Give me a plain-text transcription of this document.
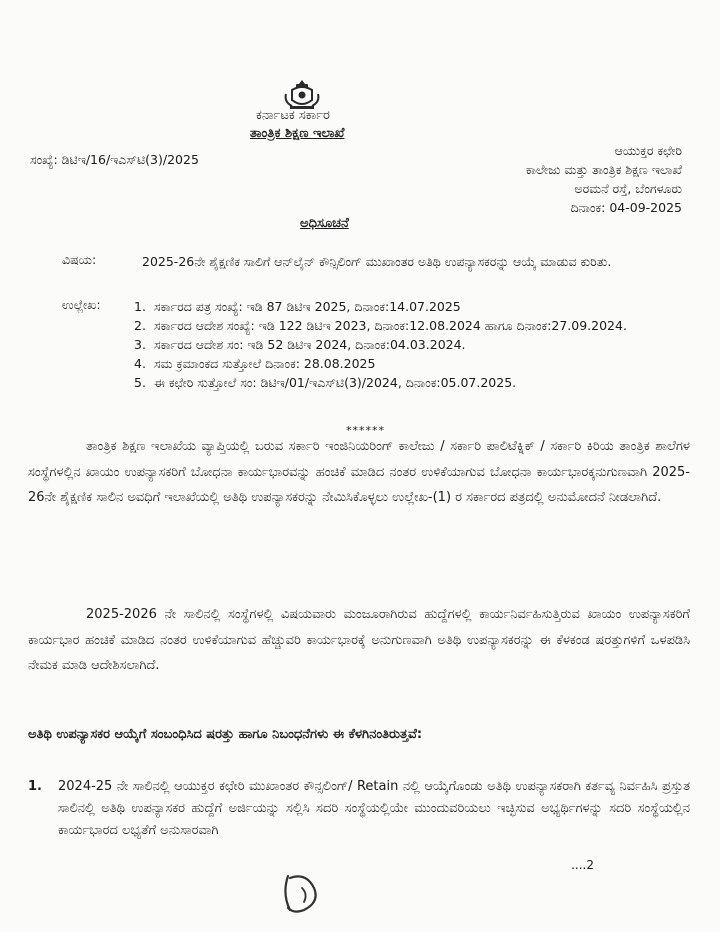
ಕರ್ನಾಟಕ ಸರ್ಕಾರ
ತಾಂತ್ರಿಕ ಶಿಕ್ಷಣ ಇಲಾಖೆ
ಸಂಖ್ಯೆ: ಡಿಟಿಇ/16/ಇಎಸ್‌ಟಿ(3)/2025
ಆಯುಕ್ತರ ಕಛೇರಿ
ಕಾಲೇಜು ಮತ್ತು ತಾಂತ್ರಿಕ ಶಿಕ್ಷಣ ಇಲಾಖೆ
ಅರಮನೆ ರಸ್ತೆ, ಬೆಂಗಳೂರು
ದಿನಾಂಕ: 04-09-2025
ಅಧಿಸೂಚನೆ
ವಿಷಯ:	2025-26ನೇ ಶೈಕ್ಷಣಿಕ ಸಾಲಿಗೆ ಆನ್‌ಲೈನ್ ಕೌನ್ಸಿಲಿಂಗ್ ಮುಖಾಂತರ ಅತಿಥಿ ಉಪನ್ಯಾಸಕರನ್ನು ಆಯ್ಕೆ ಮಾಡುವ ಕುರಿತು.
ಉಲ್ಲೇಖ:	1. ಸರ್ಕಾರದ ಪತ್ರ ಸಂಖ್ಯೆ: ಇಡಿ 87 ಡಿಟಿಇ 2025, ದಿನಾಂಕ:14.07.2025
2. ಸರ್ಕಾರದ ಆದೇಶ ಸಂಖ್ಯೆ: ಇಡಿ 122 ಡಿಟಿಇ 2023, ದಿನಾಂಕ:12.08.2024 ಹಾಗೂ ದಿನಾಂಕ:27.09.2024.
3. ಸರ್ಕಾರದ ಆದೇಶ ಸಂ: ಇಡಿ 52 ಡಿಟಿಇ 2024, ದಿನಾಂಕ:04.03.2024.
4. ಸಮ ಕ್ರಮಾಂಕದ ಸುತ್ತೋಲೆ ದಿನಾಂಕ: 28.08.2025
5. ಈ ಕಛೇರಿ ಸುತ್ತೋಲೆ ಸಂ: ಡಿಟಿಇ/01/ಇಎಸ್‌ಟಿ(3)/2024, ದಿನಾಂಕ:05.07.2025.
******

ತಾಂತ್ರಿಕ ಶಿಕ್ಷಣ ಇಲಾಖೆಯ ವ್ಯಾಪ್ತಿಯಲ್ಲಿ ಬರುವ ಸರ್ಕಾರಿ ಇಂಜಿನಿಯರಿಂಗ್ ಕಾಲೇಜು / ಸರ್ಕಾರಿ ಪಾಲಿಟೆಕ್ನಿಕ್ / ಸರ್ಕಾರಿ ಕಿರಿಯ ತಾಂತ್ರಿಕ ಶಾಲೆಗಳ ಸಂಸ್ಥೆಗಳಲ್ಲಿನ ಖಾಯಂ ಉಪನ್ಯಾಸಕರಿಗೆ ಬೋಧನಾ ಕಾರ್ಯಭಾರವನ್ನು ಹಂಚಿಕೆ ಮಾಡಿದ ನಂತರ ಉಳಿಕೆಯಾಗುವ ಬೋಧನಾ ಕಾರ್ಯಭಾರಕ್ಕನುಗುಣವಾಗಿ 2025-26ನೇ ಶೈಕ್ಷಣಿಕ ಸಾಲಿನ ಅವಧಿಗೆ ಇಲಾಖೆಯಲ್ಲಿ ಅತಿಥಿ ಉಪನ್ಯಾಸಕರನ್ನು ನೇಮಿಸಿಕೊಳ್ಳಲು ಉಲ್ಲೇಖ-(1) ರ ಸರ್ಕಾರದ ಪತ್ರದಲ್ಲಿ ಅನುಮೋದನೆ ನೀಡಲಾಗಿದೆ.

2025-2026 ನೇ ಸಾಲಿನಲ್ಲಿ ಸಂಸ್ಥೆಗಳಲ್ಲಿ ವಿಷಯವಾರು ಮಂಜೂರಾಗಿರುವ ಹುದ್ದೆಗಳಲ್ಲಿ ಕಾರ್ಯನಿರ್ವಹಿಸುತ್ತಿರುವ ಖಾಯಂ ಉಪನ್ಯಾಸಕರಿಗೆ ಕಾರ್ಯಭಾರ ಹಂಚಿಕೆ ಮಾಡಿದ ನಂತರ ಉಳಿಕೆಯಾಗುವ ಹೆಚ್ಚುವರಿ ಕಾರ್ಯಭಾರಕ್ಕೆ ಅನುಗುಣವಾಗಿ ಅತಿಥಿ ಉಪನ್ಯಾಸಕರನ್ನು ಈ ಕೆಳಕಂಡ ಷರತ್ತುಗಳಿಗೆ ಒಳಪಡಿಸಿ ನೇಮಕ ಮಾಡಿ ಆದೇಶಿಸಲಾಗಿದೆ.

ಅತಿಥಿ ಉಪನ್ಯಾಸಕರ ಆಯ್ಕೆಗೆ ಸಂಬಂಧಿಸಿದ ಷರತ್ತು ಹಾಗೂ ನಿಬಂಧನೆಗಳು ಈ ಕೆಳಗಿನಂತಿರುತ್ತವೆ:
1.	2024-25 ನೇ ಸಾಲಿನಲ್ಲಿ ಆಯುಕ್ತರ ಕಛೇರಿ ಮುಖಾಂತರ ಕೌನ್ಸಲಿಂಗ್/ Retain ನಲ್ಲಿ ಆಯ್ಕೆಗೊಂಡು ಅತಿಥಿ ಉಪನ್ಯಾಸಕರಾಗಿ ಕರ್ತವ್ಯ ನಿರ್ವಹಿಸಿ ಪ್ರಸ್ತುತ ಸಾಲಿನಲ್ಲಿ ಅತಿಥಿ ಉಪನ್ಯಾಸಕರ ಹುದ್ದೆಗೆ ಅರ್ಜಿಯನ್ನು ಸಲ್ಲಿಸಿ ಸದರಿ ಸಂಸ್ಥೆಯಲ್ಲಿಯೇ ಮುಂದುವರಿಯಲು ಇಚ್ಛಿಸುವ ಅಭ್ಯರ್ಥಿಗಳನ್ನು ಸದರಿ ಸಂಸ್ಥೆಯಲ್ಲಿನ ಕಾರ್ಯಭಾರದ ಲಭ್ಯತೆಗೆ ಅನುಸಾರವಾಗಿ
....2
